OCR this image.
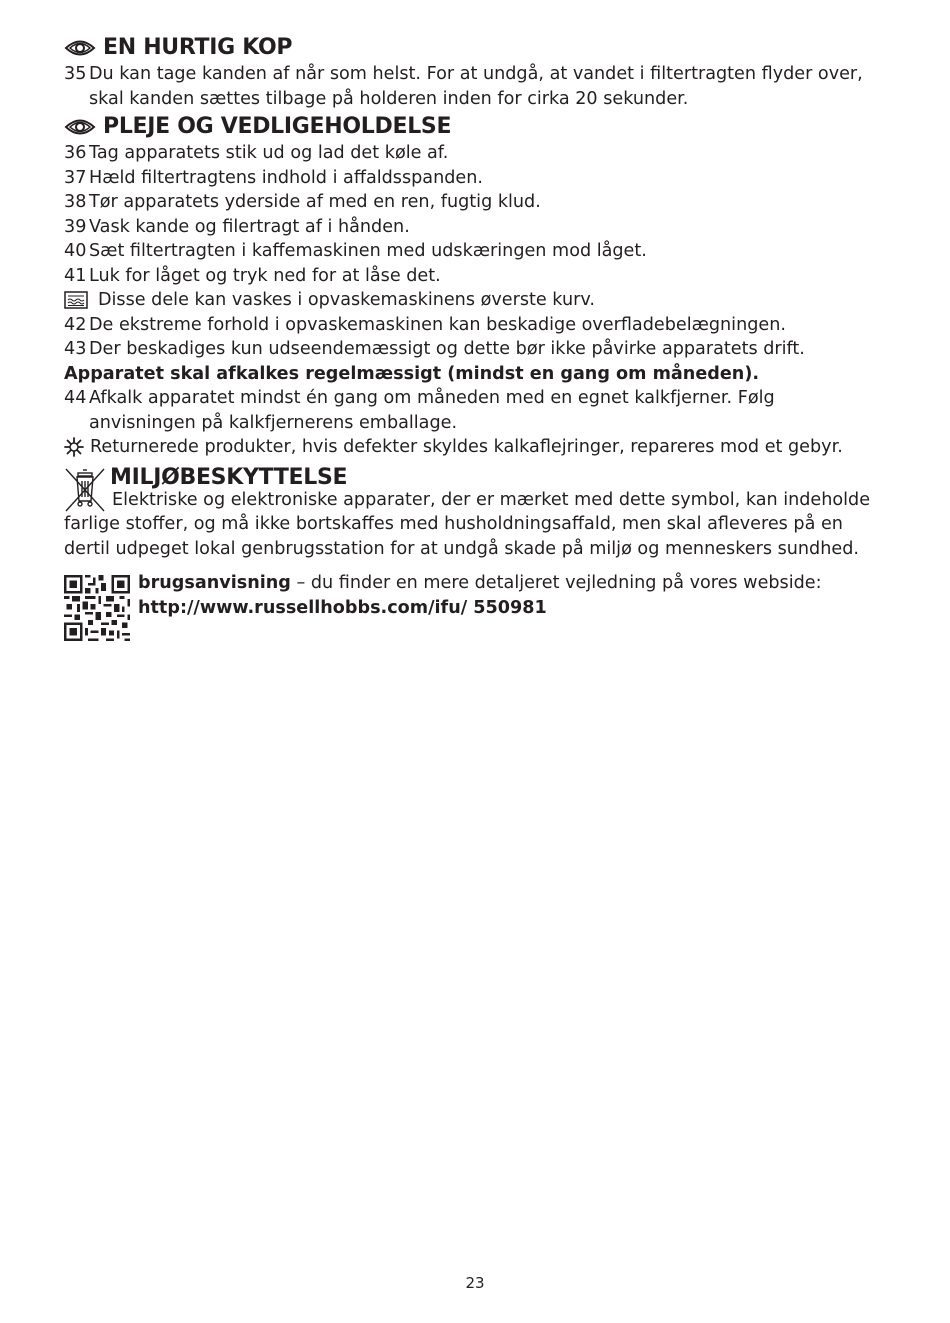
EN HURTIG KOP
35 Du kan tage kanden af når som helst. For at undgå, at vandet i filtertragten flyder over, skal kanden sættes tilbage på holderen inden for cirka 20 sekunder.
PLEJE OG VEDLIGEHOLDELSE
36 Tag apparatets stik ud og lad det køle af.
37 Hæld filtertragtens indhold i affaldsspanden.
38 Tør apparatets yderside af med en ren, fugtig klud.
39 Vask kande og filertragt af i hånden.
40 Sæt filtertragten i kaffemaskinen med udskæringen mod låget.
41 Luk for låget og tryk ned for at låse det.
Disse dele kan vaskes i opvaskemaskinens øverste kurv.
42 De ekstreme forhold i opvaskemaskinen kan beskadige overfladebelægningen.
43 Der beskadiges kun udseendemæssigt og dette bør ikke påvirke apparatets drift.
Apparatet skal afkalkes regelmæssigt (mindst en gang om måneden).
44 Afkalk apparatet mindst én gang om måneden med en egnet kalkfjerner. Følg anvisningen på kalkfjernerens emballage.
Returnerede produkter, hvis defekter skyldes kalkaflejringer, repareres mod et gebyr.
MILJØBESKYTTELSE
Elektriske og elektroniske apparater, der er mærket med dette symbol, kan indeholde farlige stoffer, og må ikke bortskaffes med husholdningsaffald, men skal afleveres på en dertil udpeget lokal genbrugsstation for at undgå skade på miljø og menneskers sundhed.
brugsanvisning – du finder en mere detaljeret vejledning på vores webside:
http://www.russellhobbs.com/ifu/ 550981
23
